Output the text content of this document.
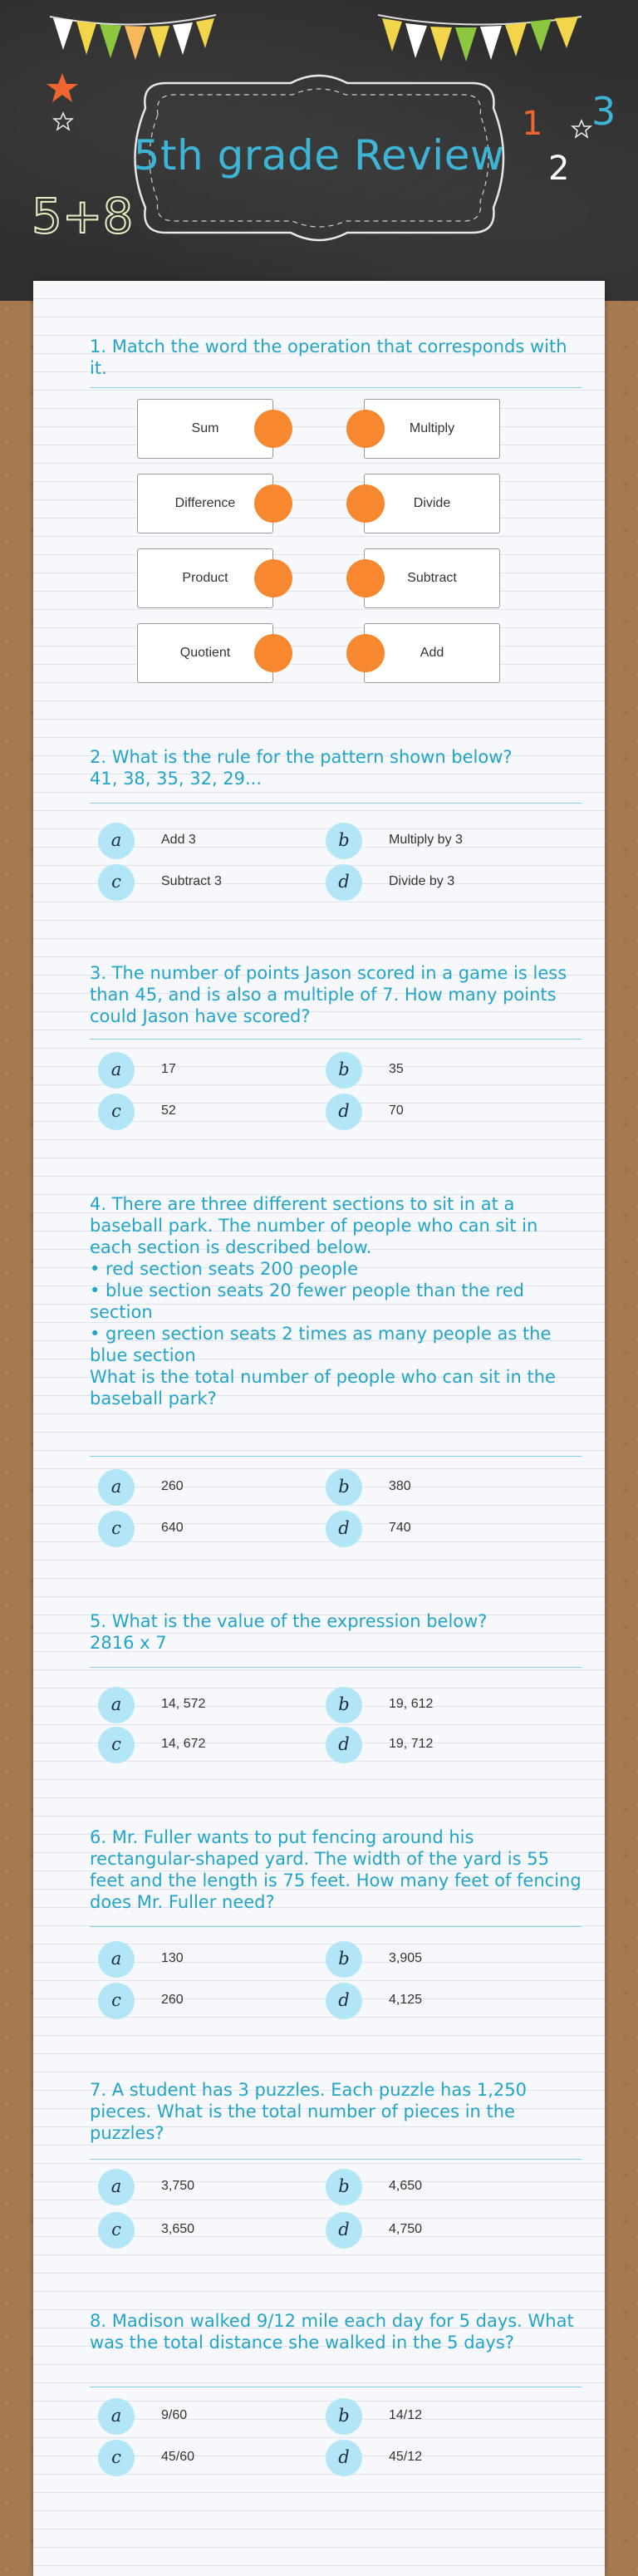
1
2
3
5+8
5th grade Review

1. Match the word the operation that corresponds with it.

Sum	Multiply
Difference	Divide
Product	Subtract
Quotient	Add

2. What is the rule for the pattern shown below?

41, 38, 35, 32, 29...

a	Add 3	b	Multiply by 3
c	Subtract 3	d	Divide by 3

3. The number of points Jason scored in a game is less than 45, and is also a multiple of 7. How many points could Jason have scored?

a	17	b	35
c	52	d	70

4. There are three different sections to sit in at a baseball park. The number of people who can sit in each section is described below.

• red section seats 200 people

• blue section seats 20 fewer people than the red section

• green section seats 2 times as many people as the blue section

What is the total number of people who can sit in the baseball park?

a	260	b	380
c	640	d	740

5. What is the value of the expression below?

2816 x 7

a	14, 572	b	19, 612
c	14, 672	d	19, 712

6. Mr. Fuller wants to put fencing around his rectangular-shaped yard. The width of the yard is 55 feet and the length is 75 feet. How many feet of fencing does Mr. Fuller need?

a	130	b	3,905
c	260	d	4,125

7. A student has 3 puzzles. Each puzzle has 1,250 pieces. What is the total number of pieces in the puzzles?

a	3,750	b	4,650
c	3,650	d	4,750

8. Madison walked 9/12 mile each day for 5 days. What was the total distance she walked in the 5 days?

a	9/60	b	14/12
c	45/60	d	45/12
